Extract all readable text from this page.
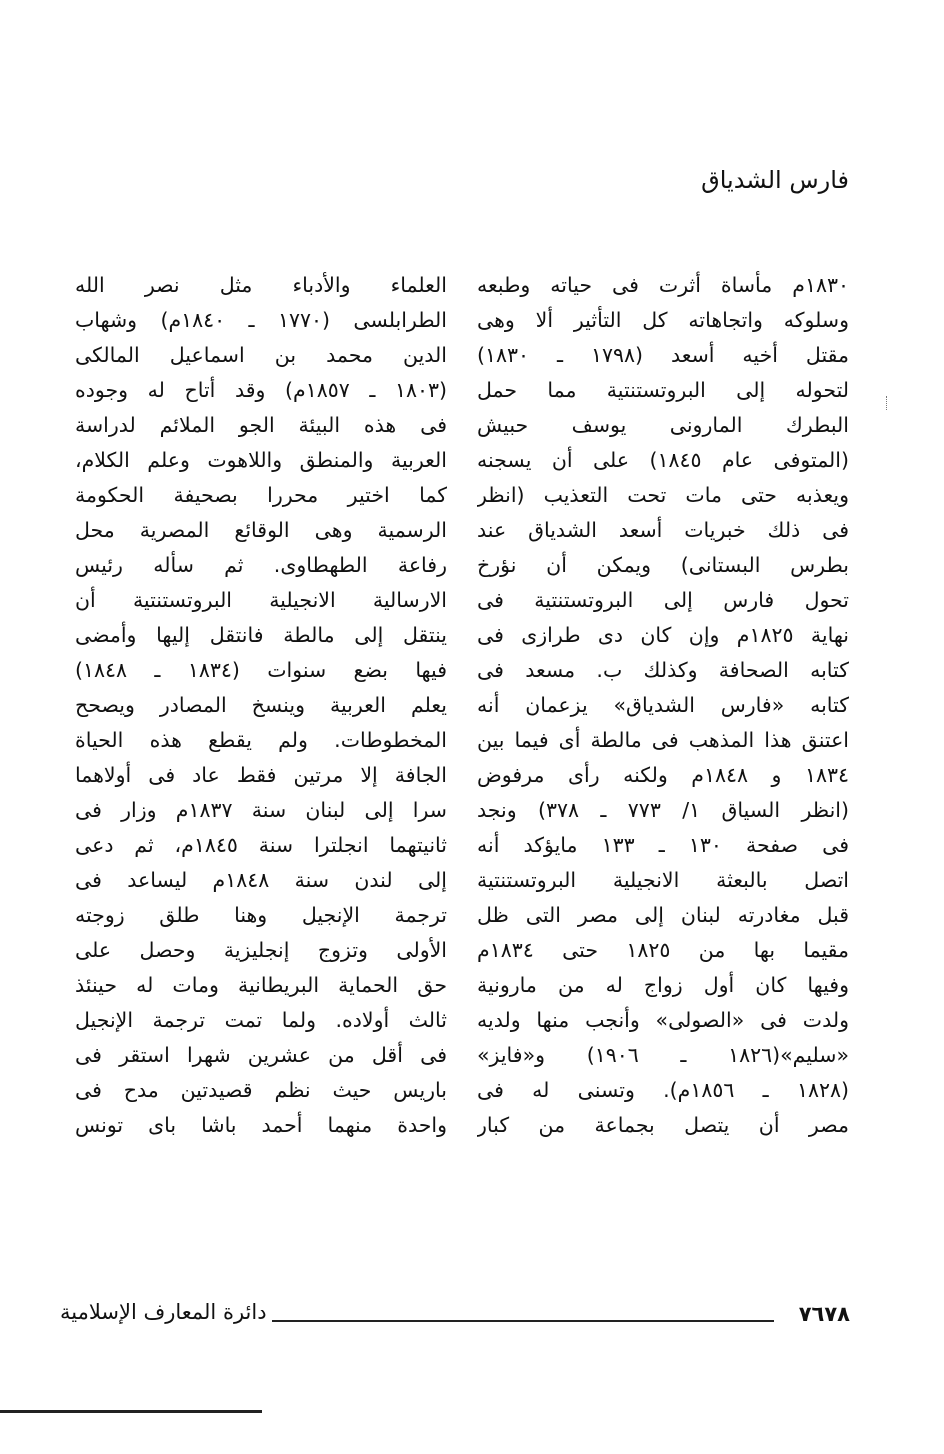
فارس الشدياق
١٨٣٠م مأساة أثرت فى حياته وطبعه
وسلوكه واتجاهاته كل التأثير ألا وهى
مقتل أخيه أسعد (١٧٩٨ ـ ١٨٣٠)
لتحوله إلى البروتستنتية مما حمل
البطرك المارونى يوسف حبيش
(المتوفى عام ١٨٤٥) على أن يسجنه
ويعذبه حتى مات تحت التعذيب (انظر
فى ذلك خبريات أسعد الشدياق عند
بطرس البستانى) ويمكن أن نؤرخ
تحول فارس إلى البروتستنتية فى
نهاية ١٨٢٥م وإن كان دى طرازى فى
كتابه الصحافة وكذلك ب. مسعد فى
كتابه «فارس الشدياق» يزعمان أنه
اعتنق هذا المذهب فى مالطة أى فيما بين
١٨٣٤ و ١٨٤٨م ولكنه رأى مرفوض
(انظر السياق ١/ ٧٧٣ ـ ٣٧٨) ونجد
فى صفحة ١٣٠ ـ ١٣٣ مايؤكد أنه
اتصل بالبعثة الانجيلية البروتستنتية
قبل مغادرته لبنان إلى مصر التى ظل
مقيما بها من ١٨٢٥ حتى ١٨٣٤م
وفيها كان أول زواج له من مارونية
ولدت فى «الصولى» وأنجب منها ولديه
«سليم»(١٨٢٦ ـ ١٩٠٦) و«فايز»
(١٨٢٨ ـ ١٨٥٦م). وتسنى له فى
مصر أن يتصل بجماعة من كبار
العلماء والأدباء مثل نصر الله
الطرابلسى (١٧٧٠ ـ ١٨٤٠م) وشهاب
الدين محمد بن اسماعيل المالكى
(١٨٠٣ ـ ١٨٥٧م) وقد أتاح له وجوده
فى هذه البيئة الجو الملائم لدراسة
العربية والمنطق واللاهوت وعلم الكلام،
كما اختير محررا بصحيفة الحكومة
الرسمية وهى الوقائع المصرية محل
رفاعة الطهطاوى. ثم سأله رئيس
الارسالية الانجيلية البروتستنتية أن
ينتقل إلى مالطة فانتقل إليها وأمضى
فيها بضع سنوات (١٨٣٤ ـ ١٨٤٨)
يعلم العربية وينسخ المصادر ويصحح
المخطوطات. ولم يقطع هذه الحياة
الجافة إلا مرتين فقط عاد فى أولاهما
سرا إلى لبنان سنة ١٨٣٧م وزار فى
ثانيتهما انجلترا سنة ١٨٤٥م، ثم دعى
إلى لندن سنة ١٨٤٨م ليساعد فى
ترجمة الإنجيل وهنا طلق زوجته
الأولى وتزوج إنجليزية وحصل على
حق الحماية البريطانية ومات له حينئذ
ثالث أولاده. ولما تمت ترجمة الإنجيل
فى أقل من عشرين شهرا استقر فى
باريس حيث نظم قصيدتين مدح فى
واحدة منهما أحمد باشا باى تونس
دائرة المعارف الإسلامية	٧٦٧٨
